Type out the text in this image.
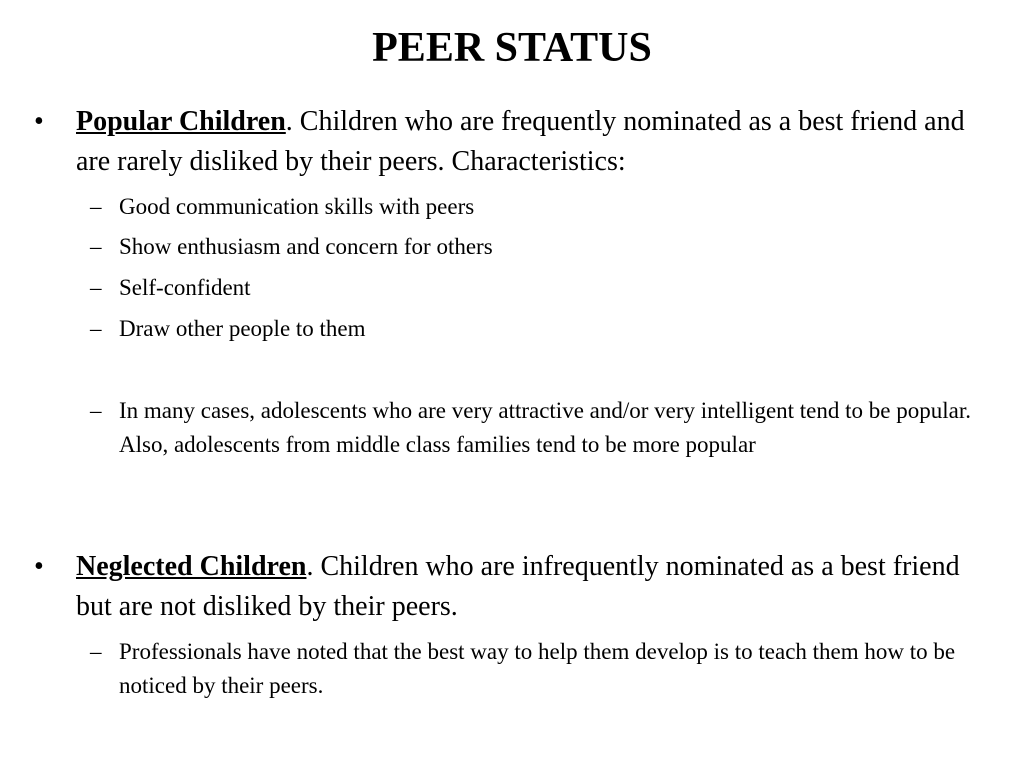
PEER STATUS
• Popular Children. Children who are frequently nominated as a best friend and are rarely disliked by their peers. Characteristics:
– Good communication skills with peers
– Show enthusiasm and concern for others
– Self-confident
– Draw other people to them
– In many cases, adolescents who are very attractive and/or very intelligent tend to be popular. Also, adolescents from middle class families tend to be more popular
• Neglected Children. Children who are infrequently nominated as a best friend but are not disliked by their peers.
– Professionals have noted that the best way to help them develop is to teach them how to be noticed by their peers.
